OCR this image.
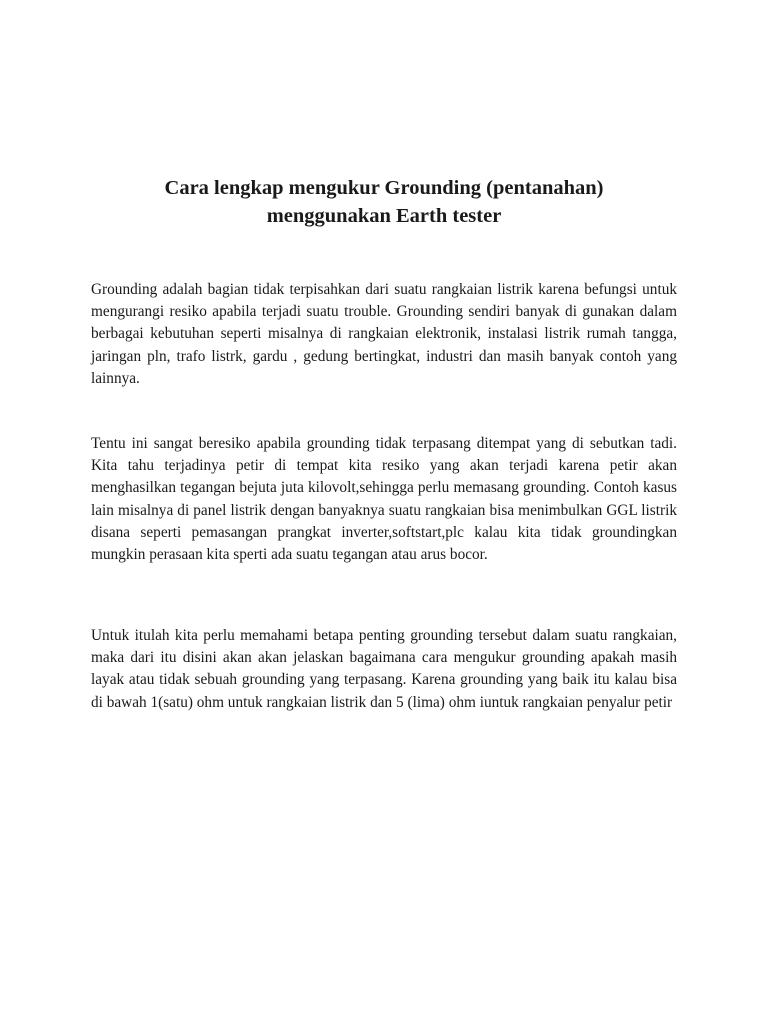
Cara lengkap mengukur Grounding (pentanahan)
menggunakan Earth tester

Grounding adalah bagian tidak terpisahkan dari suatu rangkaian listrik karena befungsi untuk mengurangi resiko apabila terjadi suatu trouble. Grounding sendiri banyak di gunakan dalam berbagai kebutuhan seperti misalnya di rangkaian elektronik, instalasi listrik rumah tangga, jaringan pln, trafo listrk, gardu , gedung bertingkat, industri dan masih banyak contoh yang lainnya.

Tentu ini sangat beresiko apabila grounding tidak terpasang ditempat yang di sebutkan tadi. Kita tahu terjadinya petir di tempat kita resiko yang akan terjadi karena petir akan menghasilkan tegangan bejuta juta kilovolt,sehingga perlu memasang grounding. Contoh kasus lain misalnya di panel listrik dengan banyaknya suatu rangkaian bisa menimbulkan GGL listrik disana seperti pemasangan prangkat inverter,softstart,plc kalau kita tidak groundingkan mungkin perasaan kita sperti ada suatu tegangan atau arus bocor.

Untuk itulah kita perlu memahami betapa penting grounding tersebut dalam suatu rangkaian, maka dari itu disini akan akan jelaskan bagaimana cara mengukur grounding apakah masih layak atau tidak sebuah grounding yang terpasang. Karena grounding yang baik itu kalau bisa di bawah 1(satu) ohm untuk rangkaian listrik dan 5 (lima) ohm iuntuk rangkaian penyalur petir
